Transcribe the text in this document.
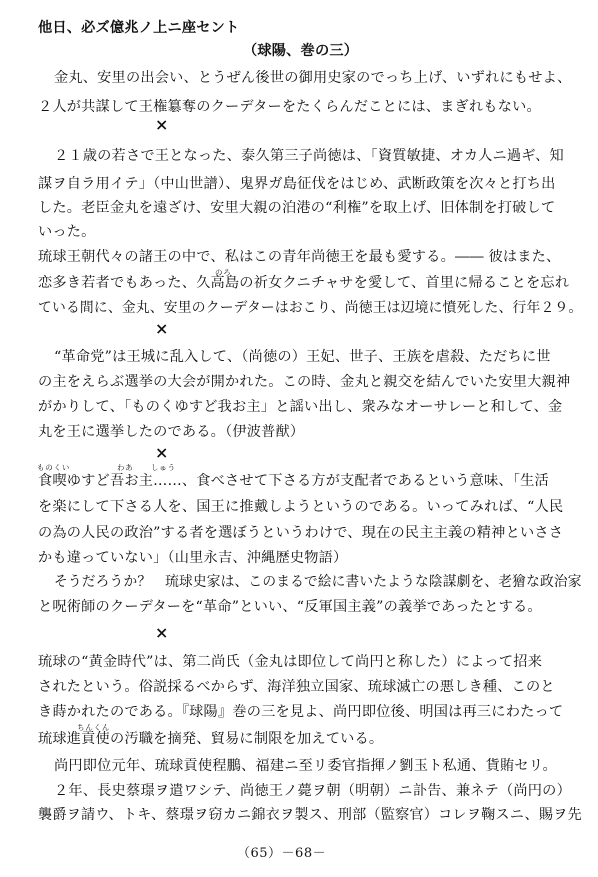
他日、必ズ億兆ノ上ニ座セント
（球陽、巻の三）
金丸、安里の出会い、とうぜん後世の御用史家のでっち上げ、いずれにもせよ、
２人が共謀して王権簒奪のクーデターをたくらんだことには、まぎれもない。
×
２１歳の若さで王となった、泰久第三子尚徳は、「資質敏捷、オカ人ニ過ギ、知
謀ヲ自ラ用イテ」（中山世譜）、鬼界ガ島征伐をはじめ、武断政策を次々と打ち出
した。老臣金丸を遠ざけ、安里大親の泊港の“利権”を取上げ、旧体制を打破して
いった。
琉球王朝代々の諸王の中で、私はこの青年尚徳王を最も愛する。―― 彼はまた、
のろ
恋多き若者でもあった、久高島の祈女クニチャサを愛して、首里に帰ることを忘れ
ている間に、金丸、安里のクーデターはおこり、尚徳王は辺境に憤死した、行年２９。
×
“革命党”は王城に乱入して、（尚徳の）王妃、世子、王族を虐殺、ただちに世
の主をえらぶ選挙の大会が開かれた。この時、金丸と親交を結んでいた安里大親神
がかりして、「ものくゆすど我お主」と謡い出し、衆みなオーサレーと和して、金
丸を王に選挙したのである。（伊波普猷）
×
ものくい	わあ しゅう
食喫ゆすど吾お主……、食べさせて下さる方が支配者であるという意味、「生活
を楽にして下さる人を、国王に推戴しようというのである。いってみれば、“人民
の為の人民の政治”する者を選ぼうというわけで、現在の民主主義の精神といささ
かも違っていない」（山里永吉、沖縄歴史物語）
そうだろうか？　琉球史家は、このまるで絵に書いたような陰謀劇を、老獪な政治家
と呪術師のクーデターを“革命”といい、“反軍国主義”の義挙であったとする。
×
琉球の“黄金時代”は、第二尚氏（金丸は即位して尚円と称した）によって招来
されたという。俗説採るべからず、海洋独立国家、琉球滅亡の悪しき種、このと
き蒔かれたのである。『球陽』巻の三を見よ、尚円即位後、明国は再三にわたって
ちんくん
琉球進貢使の汚職を摘発、貿易に制限を加えている。
尚円即位元年、琉球貢使程鵬、福建ニ至リ委官指揮ノ劉玉ト私通、貨賄セリ。
２年、長史蔡璟ヲ遣ワシテ、尚徳王ノ薨ヲ朝（明朝）ニ訃告、兼ネテ（尚円の）
襲爵ヲ請ウ、トキ、蔡璟ヲ窃カニ錦衣ヲ製ス、刑部（監察官）コレヲ鞠スニ、賜ヲ先
（65）－68－
